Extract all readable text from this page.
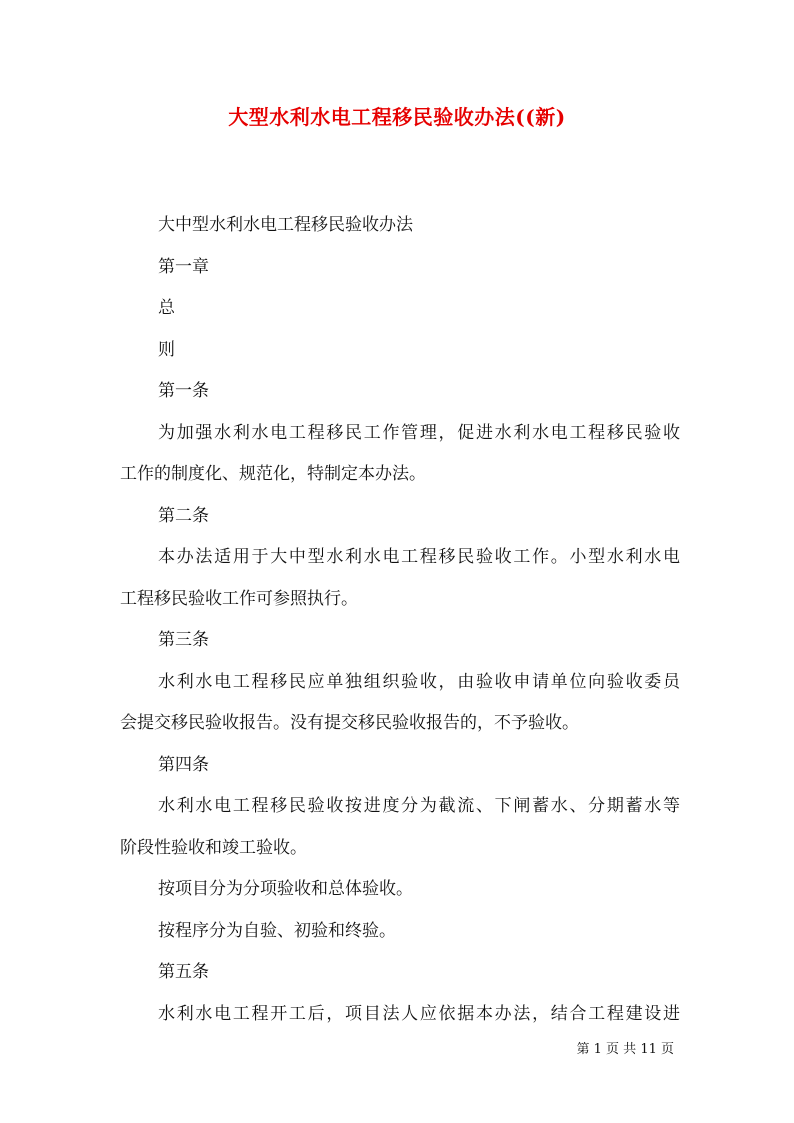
大型水利水电工程移民验收办法((新)
大中型水利水电工程移民验收办法
第一章
总
则
第一条
为加强水利水电工程移民工作管理，促进水利水电工程移民验收
工作的制度化、规范化，特制定本办法。
第二条
本办法适用于大中型水利水电工程移民验收工作。小型水利水电
工程移民验收工作可参照执行。
第三条
水利水电工程移民应单独组织验收，由验收申请单位向验收委员
会提交移民验收报告。没有提交移民验收报告的，不予验收。
第四条
水利水电工程移民验收按进度分为截流、下闸蓄水、分期蓄水等
阶段性验收和竣工验收。
按项目分为分项验收和总体验收。
按程序分为自验、初验和终验。
第五条
水利水电工程开工后，项目法人应依据本办法，结合工程建设进
第 1 页 共 11 页
